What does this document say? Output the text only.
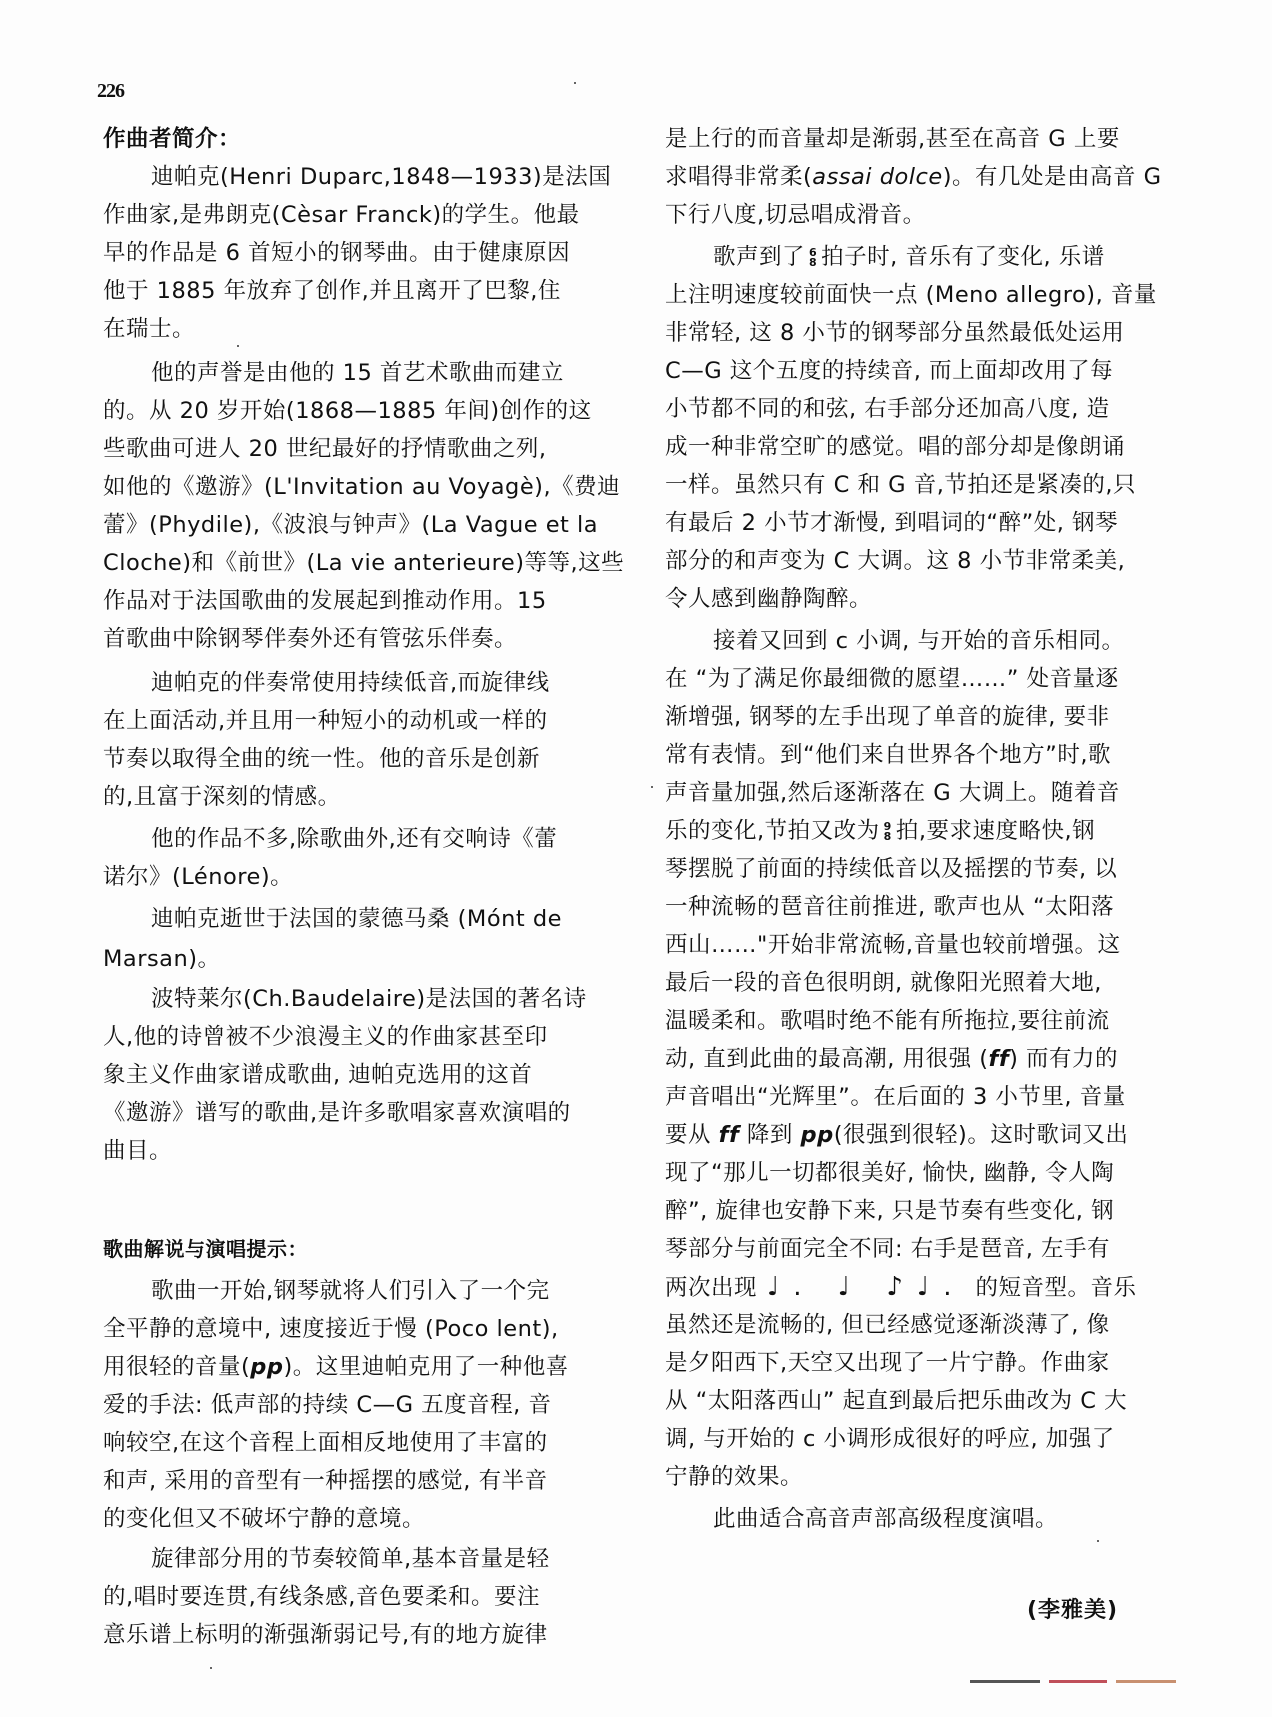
226
作曲者简介：
迪帕克(Henri Duparc,1848—1933)是法国
作曲家,是弗朗克(Cèsar Franck)的学生。他最
早的作品是 6 首短小的钢琴曲。由于健康原因
他于 1885 年放弃了创作,并且离开了巴黎,住
在瑞士。
他的声誉是由他的 15 首艺术歌曲而建立
的。从 20 岁开始(1868—1885 年间)创作的这
些歌曲可进人 20 世纪最好的抒情歌曲之列,
如他的《邀游》(L'Invitation au Voyagè),《费迪
蕾》(Phydile),《波浪与钟声》(La Vague et la
Cloche)和《前世》(La vie anterieure)等等,这些
作品对于法国歌曲的发展起到推动作用。15
首歌曲中除钢琴伴奏外还有管弦乐伴奏。
迪帕克的伴奏常使用持续低音,而旋律线
在上面活动,并且用一种短小的动机或一样的
节奏以取得全曲的统一性。他的音乐是创新
的,且富于深刻的情感。
他的作品不多,除歌曲外,还有交响诗《蕾
诺尔》(Lénore)。
迪帕克逝世于法国的蒙德马桑 (Mónt de
Marsan)。
波特莱尔(Ch.Baudelaire)是法国的著名诗
人,他的诗曾被不少浪漫主义的作曲家甚至印
象主义作曲家谱成歌曲, 迪帕克选用的这首
《邀游》谱写的歌曲,是许多歌唱家喜欢演唱的
曲目。
歌曲解说与演唱提示：
歌曲一开始,钢琴就将人们引入了一个完
全平静的意境中, 速度接近于慢 (Poco lent),
用很轻的音量(pp)。这里迪帕克用了一种他喜
爱的手法: 低声部的持续 C—G 五度音程, 音
响较空,在这个音程上面相反地使用了丰富的
和声, 采用的音型有一种摇摆的感觉, 有半音
的变化但又不破坏宁静的意境。
旋律部分用的节奏较简单,基本音量是轻
的,唱时要连贯,有线条感,音色要柔和。要注
意乐谱上标明的渐强渐弱记号,有的地方旋律
是上行的而音量却是渐弱,甚至在高音 G 上要
求唱得非常柔(assai dolce)。有几处是由高音 G
下行八度,切忌唱成滑音。
歌声到了 6
8 拍子时, 音乐有了变化, 乐谱
上注明速度较前面快一点 (Meno allegro), 音量
非常轻, 这 8 小节的钢琴部分虽然最低处运用
C—G 这个五度的持续音, 而上面却改用了每
小节都不同的和弦, 右手部分还加高八度, 造
成一种非常空旷的感觉。唱的部分却是像朗诵
一样。虽然只有 C 和 G 音,节拍还是紧凑的,只
有最后 2 小节才渐慢, 到唱词的“醉”处, 钢琴
部分的和声变为 C 大调。这 8 小节非常柔美,
令人感到幽静陶醉。
接着又回到 c 小调, 与开始的音乐相同。
在 “为了满足你最细微的愿望……” 处音量逐
渐增强, 钢琴的左手出现了单音的旋律, 要非
常有表情。到“他们来自世界各个地方”时,歌
声音量加强,然后逐渐落在 G 大调上。随着音
乐的变化,节拍又改为 9
8 拍,要求速度略快,钢
琴摆脱了前面的持续低音以及摇摆的节奏, 以
一种流畅的琶音往前推进, 歌声也从 “太阳落
西山……"开始非常流畅,音量也较前增强。这
最后一段的音色很明朗, 就像阳光照着大地,
温暖柔和。歌唱时绝不能有所拖拉,要往前流
动, 直到此曲的最高潮, 用很强 (ff) 而有力的
声音唱出“光辉里”。在后面的 3 小节里, 音量
要从 ff 降到 pp(很强到很轻)。这时歌词又出
现了“那儿一切都很美好, 愉快, 幽静, 令人陶
醉”, 旋律也安静下来, 只是节奏有些变化, 钢
琴部分与前面完全不同: 右手是琶音, 左手有
两次出现 ♩. ♩ ♪♩. 的短音型。音乐
虽然还是流畅的, 但已经感觉逐渐淡薄了, 像
是夕阳西下,天空又出现了一片宁静。作曲家
从 “太阳落西山” 起直到最后把乐曲改为 C 大
调, 与开始的 c 小调形成很好的呼应, 加强了
宁静的效果。
此曲适合高音声部高级程度演唱。
(李雅美)
